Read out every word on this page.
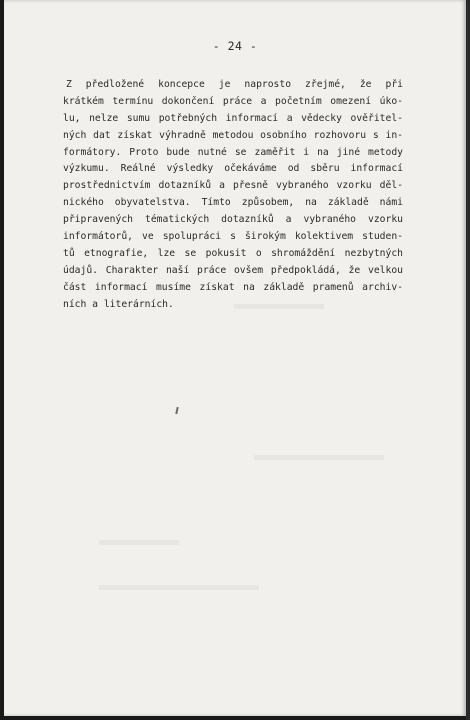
- 24 -
Z předložené koncepce je naprosto zřejmé, že při
krátkém termínu dokončení práce a početním omezení úko-
lu, nelze sumu potřebných informací a vědecky ověřitel-
ných dat získat výhradně metodou osobního rozhovoru s in-
formátory. Proto bude nutné se zaměřit i na jiné metody
výzkumu. Reálné výsledky očekáváme od sběru informací
prostřednictvím dotazníků a přesně vybraného vzorku děl-
nického obyvatelstva. Tímto způsobem, na základě námi
připravených tématických dotazníků a vybraného vzorku
informátorů, ve spolupráci s širokým kolektivem studen-
tů etnografie, lze se pokusit o shromáždění nezbytných
údajů. Charakter naší práce ovšem předpokládá, že velkou
část informací musíme získat na základě pramenů archiv-
ních a literárních.
